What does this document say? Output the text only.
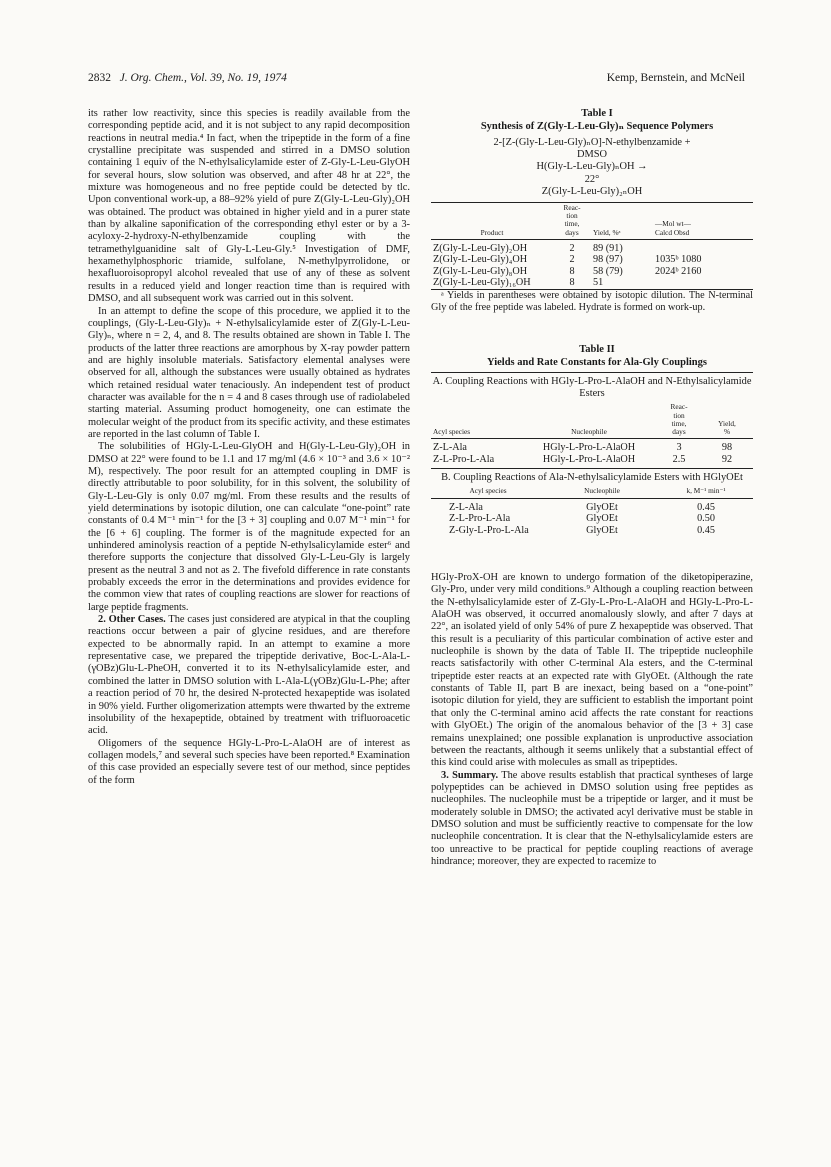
2832 J. Org. Chem., Vol. 39, No. 19, 1974	Kemp, Bernstein, and McNeil

its rather low reactivity, since this species is readily available from the corresponding peptide acid, and it is not subject to any rapid decomposition reactions in neutral media.⁴ In fact, when the tripeptide in the form of a fine crystalline precipitate was suspended and stirred in a DMSO solution containing 1 equiv of the N-ethylsalicylamide ester of Z-Gly-L-Leu-GlyOH for several hours, slow solution was observed, and after 48 hr at 22°, the mixture was homogeneous and no free peptide could be detected by tlc. Upon conventional work-up, a 88–92% yield of pure Z(Gly-L-Leu-Gly)₂OH was obtained. The product was obtained in higher yield and in a purer state than by alkaline saponification of the corresponding ethyl ester or by a 3-acyloxy-2-hydroxy-N-ethylbenzamide coupling with the tetramethylguanidine salt of Gly-L-Leu-Gly.⁵ Investigation of DMF, hexamethylphosphoric triamide, sulfolane, N-methylpyrrolidone, or hexafluoroisopropyl alcohol revealed that use of any of these as solvent results in a reduced yield and longer reaction time than is required with DMSO, and all subsequent work was carried out in this solvent.

In an attempt to define the scope of this procedure, we applied it to the couplings, (Gly-L-Leu-Gly)ₙ + N-ethylsalicylamide ester of Z(Gly-L-Leu-Gly)ₙ, where n = 2, 4, and 8. The results obtained are shown in Table I. The products of the latter three reactions are amorphous by X-ray powder pattern and are highly insoluble materials. Satisfactory elemental analyses were observed for all, although the substances were usually obtained as hydrates which retained residual water tenaciously. An independent test of product character was available for the n = 4 and 8 cases through use of radiolabeled starting material. Assuming product homogeneity, one can estimate the molecular weight of the product from its specific activity, and these estimates are reported in the last column of Table I.

The solubilities of HGly-L-Leu-GlyOH and H(Gly-L-Leu-Gly)₂OH in DMSO at 22° were found to be 1.1 and 17 mg/ml (4.6 × 10⁻³ and 3.6 × 10⁻² M), respectively. The poor result for an attempted coupling in DMF is directly attributable to poor solubility, for in this solvent, the solubility of Gly-L-Leu-Gly is only 0.07 mg/ml. From these results and the results of yield determinations by isotopic dilution, one can calculate “one-point” rate constants of 0.4 M⁻¹ min⁻¹ for the [3 + 3] coupling and 0.07 M⁻¹ min⁻¹ for the [6 + 6] coupling. The former is of the magnitude expected for an unhindered aminolysis reaction of a peptide N-ethylsalicylamide ester⁶ and therefore supports the conjecture that dissolved Gly-L-Leu-Gly is largely present as the neutral 3 and not as 2. The fivefold difference in rate constants probably exceeds the error in the determinations and provides evidence for the common view that rates of coupling reactions are slower for reactions of large peptide fragments.

2. Other Cases. The cases just considered are atypical in that the coupling reactions occur between a pair of glycine residues, and are therefore expected to be abnormally rapid. In an attempt to examine a more representative case, we prepared the tripeptide derivative, Boc-L-Ala-L-(γOBz)Glu-L-PheOH, converted it to its N-ethylsalicylamide ester, and combined the latter in DMSO solution with L-Ala-L(γOBz)Glu-L-Phe; after a reaction period of 70 hr, the desired N-protected hexapeptide was isolated in 90% yield. Further oligomerization attempts were thwarted by the extreme insolubility of the hexapeptide, obtained by treatment with trifluoroacetic acid.

Oligomers of the sequence HGly-L-Pro-L-AlaOH are of interest as collagen models,⁷ and several such species have been reported.⁸ Examination of this case provided an especially severe test of our method, since peptides of the form

Table I

Synthesis of Z(Gly-L-Leu-Gly)ₙ Sequence Polymers

2-[Z-(Gly-L-Leu-Gly)ₙO]-N-ethylbenzamide +
DMSO
H(Gly-L-Leu-Gly)ₙOH →
22°
Z(Gly-L-Leu-Gly)₂ₙOH
Product	Reac-
tion
time,
days	Yield, %ᵃ	—Mol wt—
Calcd Obsd
Z(Gly-L-Leu-Gly)₂OH	2	89 (91)	
Z(Gly-L-Leu-Gly)₄OH	2	98 (97)	1035ᵇ 1080
Z(Gly-L-Leu-Gly)₈OH	8	58 (79)	2024ᵇ 2160
Z(Gly-L-Leu-Gly)₁₆OH	8	51	

ᵃ Yields in parentheses were obtained by isotopic dilution. The N-terminal Gly of the free peptide was labeled. Hydrate is formed on work-up.

Table II

Yields and Rate Constants for Ala-Gly Couplings

A. Coupling Reactions with HGly-L-Pro-L-AlaOH and N-Ethylsalicylamide Esters
Acyl species	Nucleophile	Reac-
tion
time,
days	Yield,
%
Z-L-Ala	HGly-L-Pro-L-AlaOH	3	98
Z-L-Pro-L-Ala	HGly-L-Pro-L-AlaOH	2.5	92
B. Coupling Reactions of Ala-N-ethylsalicylamide Esters with HGlyOEt
Acyl species	Nucleophile	k, M⁻¹ min⁻¹
Z-L-Ala	GlyOEt	0.45
Z-L-Pro-L-Ala	GlyOEt	0.50
Z-Gly-L-Pro-L-Ala	GlyOEt	0.45

HGly-ProX-OH are known to undergo formation of the diketopiperazine, Gly-Pro, under very mild conditions.⁹ Although a coupling reaction between the N-ethylsalicylamide ester of Z-Gly-L-Pro-L-AlaOH and HGly-L-Pro-L-AlaOH was observed, it occurred anomalously slowly, and after 7 days at 22°, an isolated yield of only 54% of pure Z hexapeptide was observed. That this result is a peculiarity of this particular combination of active ester and nucleophile is shown by the data of Table II. The tripeptide nucleophile reacts satisfactorily with other C-terminal Ala esters, and the C-terminal tripeptide ester reacts at an expected rate with GlyOEt. (Although the rate constants of Table II, part B are inexact, being based on a “one-point” isotopic dilution for yield, they are sufficient to establish the important point that only the C-terminal amino acid affects the rate constant for reactions with GlyOEt.) The origin of the anomalous behavior of the [3 + 3] case remains unexplained; one possible explanation is unproductive association between the reactants, although it seems unlikely that a substantial effect of this kind could arise with molecules as small as tripeptides.

3. Summary. The above results establish that practical syntheses of large polypeptides can be achieved in DMSO solution using free peptides as nucleophiles. The nucleophile must be a tripeptide or larger, and it must be moderately soluble in DMSO; the activated acyl derivative must be stable in DMSO solution and must be sufficiently reactive to compensate for the low nucleophile concentration. It is clear that the N-ethylsalicylamide esters are too unreactive to be practical for peptide coupling reactions of average hindrance; moreover, they are expected to racemize to
